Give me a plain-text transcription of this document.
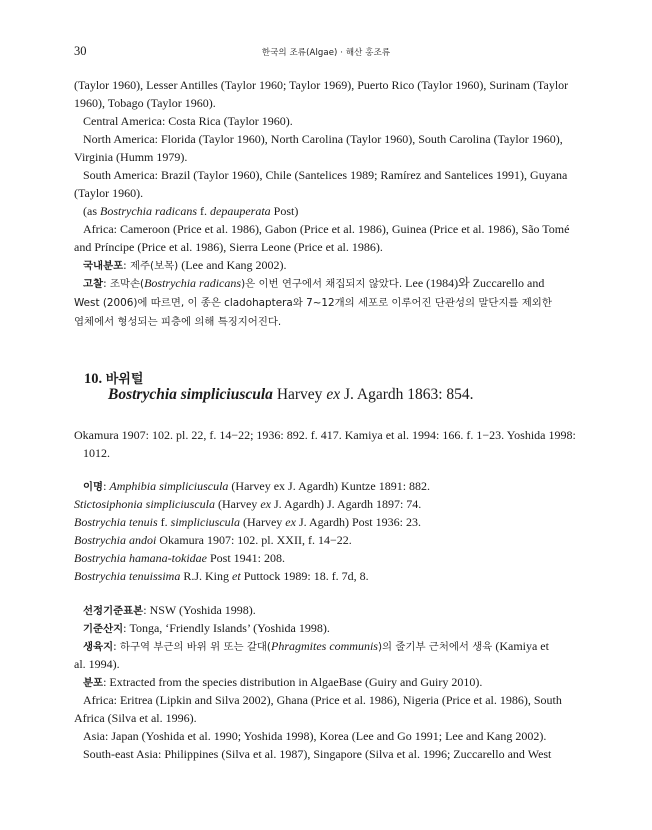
30	한국의 조류(Algae) · 해산 홍조류
(Taylor 1960), Lesser Antilles (Taylor 1960; Taylor 1969), Puerto Rico (Taylor 1960), Surinam (Taylor
1960), Tobago (Taylor 1960).
Central America: Costa Rica (Taylor 1960).
North America: Florida (Taylor 1960), North Carolina (Taylor 1960), South Carolina (Taylor 1960),
Virginia (Humm 1979).
South America: Brazil (Taylor 1960), Chile (Santelices 1989; Ramírez and Santelices 1991), Guyana
(Taylor 1960).
(as Bostrychia radicans f. depauperata Post)
Africa: Cameroon (Price et al. 1986), Gabon (Price et al. 1986), Guinea (Price et al. 1986), São Tomé
and Príncipe (Price et al. 1986), Sierra Leone (Price et al. 1986).
국내분포: 제주(보목) (Lee and Kang 2002).
고찰: 조막손(Bostrychia radicans)은 이번 연구에서 채집되지 않았다. Lee (1984)와 Zuccarello and
West (2006)에 따르면, 이 종은 cladohaptera와 7~12개의 세포로 이루어진 단관성의 말단지를 제외한
엽체에서 형성되는 피층에 의해 특징지어진다.
10. 바위털
Bostrychia simpliciuscula Harvey ex J. Agardh 1863: 854.
Okamura 1907: 102. pl. 22, f. 14−22; 1936: 892. f. 417. Kamiya et al. 1994: 166. f. 1−23. Yoshida 1998:
1012.
이명: Amphibia simpliciuscula (Harvey ex J. Agardh) Kuntze 1891: 882.
Stictosiphonia simpliciuscula (Harvey ex J. Agardh) J. Agardh 1897: 74.
Bostrychia tenuis f. simpliciuscula (Harvey ex J. Agardh) Post 1936: 23.
Bostrychia andoi Okamura 1907: 102. pl. XXII, f. 14−22.
Bostrychia hamana-tokidae Post 1941: 208.
Bostrychia tenuissima R.J. King et Puttock 1989: 18. f. 7d, 8.
선정기준표본: NSW (Yoshida 1998).
기준산지: Tonga, ‘Friendly Islands’ (Yoshida 1998).
생육지: 하구역 부근의 바위 위 또는 갈대(Phragmites communis)의 줄기부 근처에서 생육 (Kamiya et
al. 1994).
분포: Extracted from the species distribution in AlgaeBase (Guiry and Guiry 2010).
Africa: Eritrea (Lipkin and Silva 2002), Ghana (Price et al. 1986), Nigeria (Price et al. 1986), South
Africa (Silva et al. 1996).
Asia: Japan (Yoshida et al. 1990; Yoshida 1998), Korea (Lee and Go 1991; Lee and Kang 2002).
South-east Asia: Philippines (Silva et al. 1987), Singapore (Silva et al. 1996; Zuccarello and West
